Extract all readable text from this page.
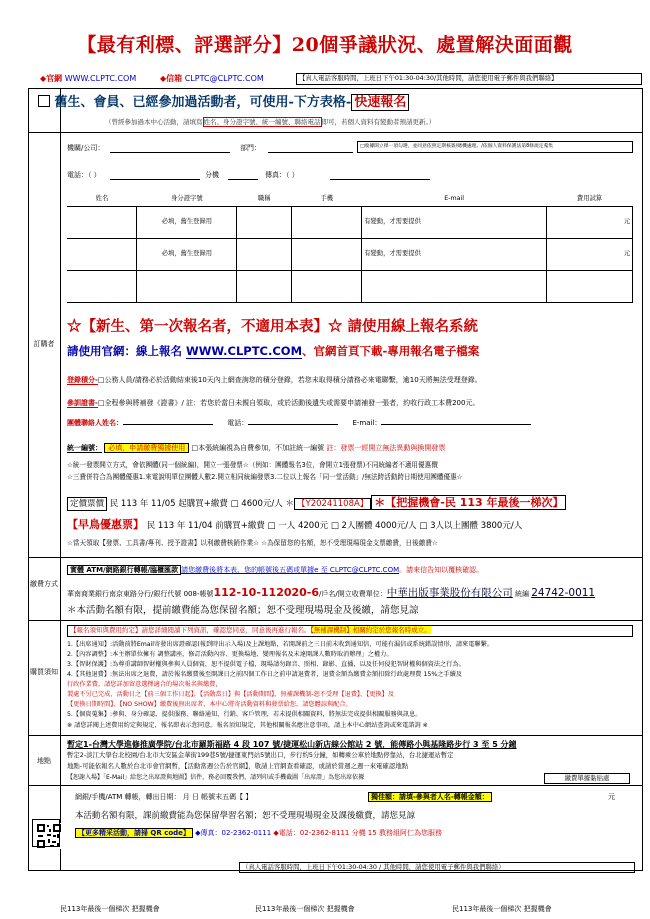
【最有利標、評選評分】20個爭議狀況、處置解決面面觀
◆官網 WWW.CLPTC.COM	◆信箱 CLPTC@CLPTC.COM	【真人電話客服時間，上班日下午01:30-04:30/其他時間，請您使用電子郵件與我們聯絡】
舊生、會員、已經參加過活動者，可使用-下方表格- 快速報名
（曾經參加過本中心活動，請填寫姓名、身分證字號、統一編號、聯絡電話即可，若個人資料有變動者預請更新。）
機關/公司：	部門：	□收據開立擇一項勾選，並同意依照定期核簽/總機處理。/依個人資料保護法第8條規定蒐集
電話：（ ）	分機	傳真：（ ）
姓名	身分證字號	職稱	手機	E-mail	費用試算
	必填，舊生登錄用			有變動，才需要提供	元
	必填，舊生登錄用			有變動，才需要提供	元

訂購者
☆【新生、第一次報名者，不適用本表】☆ 請使用線上報名系統
請使用官網：線上報名 WWW.CLPTC.COM、官網首頁下載-專用報名電子檔案
登錄積分-□公務人員/請務必於活動結束後10天內上網查詢您的積分登錄，若您未取得積分請務必來電聯繫，逾10天將無法受理登錄。
參訓證書-□全程參與將補發《證書》/ 註：若您於當日未親自領取，或於活動後遺失或需要申請補發一張者，約收行政工本費200元。
團體聯絡人姓名：	電話：	E-mail：
統一編號： 必填，申請繳費獨據使用 □本張統編視為自費參加，不加註統一編號 註：發票一經開立無法異動與換開發票
☆統一發票開立方式，會依團體(同一個統編)，開立一張發票☆（例如：團體報名3位，會開立1張發票)不同統編者不適用優惠價
☆三費併符合為團體優惠1.來電說明單位團體人數2.開立相同統編發票3.二位以上報名「同一堂活動」/無法跨活動跨日期使用團體優惠☆
定價票價 民 113 年 11/05 起購買+繳費 □ 4600元/人 ＊ 【Y20241108A】 ＊【把握機會-民 113 年最後一梯次】
【早鳥優惠票】 民 113 年 11/04 前購買+繳費 □ 一人 4200元 □ 2人團體 4000元/人 □ 3人以上團體 3800元/人
☆當天領取【發票、工具書/專刊、授予證書】以利繳費核銷作業☆ ☆為保留您的名額，恕不受理現場現金支票繳費，日後繳費☆
繳費方式
實體 ATM/網路銀行轉帳/臨櫃匯款 請您繳費後將本表、您的帳號後五碼或單據e 至 CLPTC@CLPTC.COM。請來信告知以覆核確認。
華南商業銀行南京東路分行/銀行代號 008-帳號112-10-112020-6/戶名/開立收費單位：中華出版事業股份有限公司 統編 24742-0011
＊本活動名額有限，提前繳費能為您保留名額；恕不受理現場現金及後繳，請您見諒
購買須知
【報名須知與費用約定】請您詳細閱讀下列資訊，確認您同意，同意後再進行報名。【無補課機制】相關約定於您報名時成立。
1.【出席通知】:活動前將Email寄發出席證確認(報到時出示入場)及上課地點，若開課前之三日前未收到通知信，可能有漏信或系統錯誤情形，請來電聯繫。
2.【內容調整】:本主辦單位擁有 調整講座，修訂活動內容、更換場地、變理報名及未達開課人數時取消辦理」之權力。
3.【智財保護】:為尊重講師智財權與參與人員個資，恕不提供電子檔，現場請勿錄音、照相、錄影、直播，以及任何侵犯智財權與個資法之行為。
4.【其他退費】:無法出席之退費，請於報名繳費後至開課日之前四個工作日之前申請退費者，退費金額為繳費金額扣除行政處理費 15%之手續及
行政作業費。請您詳加留意選擇適合的場次報名與繳費，
製處不另已完成，活動日之【前三個工作日起】，【活動當日】與【活動期間】，無補課機制-恕不受理【退費】、【更換】及
【更換日期時間】、【NO SHOW】繳費後無出席者，本中心將寄活動資料與發票給您，請您體諒與配合。
5.【個資蒐集】:參與、身分確認、提供服務、聯絡通知、行銷、客戶管理，若未提供相關資料，將無法完成提供相關服務與訊息。
※ 請您詳閱上述費用約定與規定，報名即表示您同意。報名須知規定，其他相關報名應注意事項，請上本中心網站查詢或來電諮詢 ※
地點
暫定1-台灣大學進修推廣學院/台北市羅斯福路 4 段 107 號/捷運松山新店線公館站 2 號，能傳路小與基隆路步行 3 至 5 分鐘
暫定2-淡江大學台北校園/台北市大安區金華街199巷5號/捷運東門站5號出口，步行約5分鐘，如轉乘公車於地點停靠站，台北捷運站暫定
地點-可能依報名人數於台北市會官網暫，【活動當週公告於官網】，敬請上官網查看確認，或請於當週之週一來電確認地點
【恕謝入場】「E-Mail」給您之出席證與地圖】信件，務必回覆我們，請列印或手機截圖「出席證」為您出席依據	繳費單據黏貼處
網銀/手機/ATM 轉帳，轉出日期： 月 日 帳號末五碼【 】	獨佳額：請填-參與者人名-轉帳金額：	元
本活動名額有限，課前繳費能為您保留學習名額；恕不受理現場現金及課後繳費，請您見諒
【更多精采活動，請掃 QR code】 ◆傳真：02-2362-0111 ◆電話：02-2362-8111 分機 15 教務組阿仁為您服務
（真人電話客服時間，上班日下午01:30-04:30 / 其他時間，請您使用電子郵件與我們聯絡）
民113年最後一個梯次 把握機會	民113年最後一個梯次 把握機會	民113年最後一個梯次 把握機會
